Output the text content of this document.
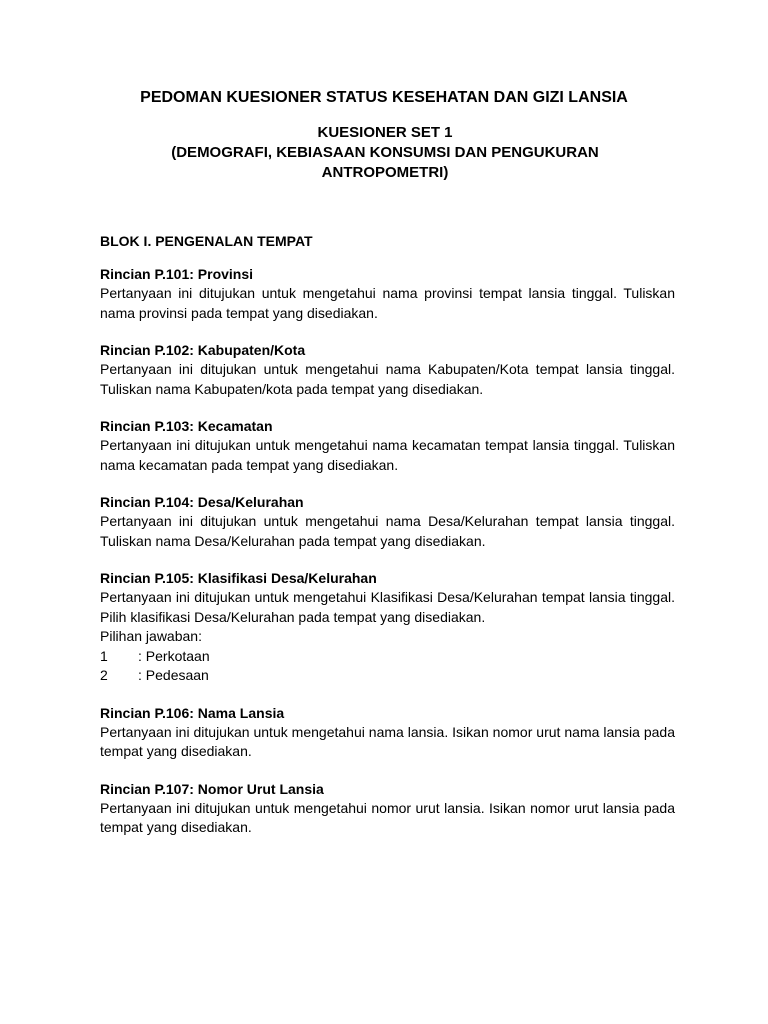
PEDOMAN KUESIONER STATUS KESEHATAN DAN GIZI LANSIA
KUESIONER SET 1
(DEMOGRAFI, KEBIASAAN KONSUMSI DAN PENGUKURAN
ANTROPOMETRI)
BLOK I. PENGENALAN TEMPAT
Rincian P.101: Provinsi

Pertanyaan ini ditujukan untuk mengetahui nama provinsi tempat lansia tinggal. Tuliskan nama provinsi pada tempat yang disediakan.

Rincian P.102: Kabupaten/Kota

Pertanyaan ini ditujukan untuk mengetahui nama Kabupaten/Kota tempat lansia tinggal. Tuliskan nama Kabupaten/kota pada tempat yang disediakan.

Rincian P.103: Kecamatan

Pertanyaan ini ditujukan untuk mengetahui nama kecamatan tempat lansia tinggal. Tuliskan nama kecamatan pada tempat yang disediakan.

Rincian P.104: Desa/Kelurahan

Pertanyaan ini ditujukan untuk mengetahui nama Desa/Kelurahan tempat lansia tinggal. Tuliskan nama Desa/Kelurahan pada tempat yang disediakan.

Rincian P.105: Klasifikasi Desa/Kelurahan

Pertanyaan ini ditujukan untuk mengetahui Klasifikasi Desa/Kelurahan tempat lansia tinggal. Pilih klasifikasi Desa/Kelurahan pada tempat yang disediakan.

Pilihan jawaban:

1	: Perkotaan
2	: Pedesaan
Rincian P.106: Nama Lansia

Pertanyaan ini ditujukan untuk mengetahui nama lansia. Isikan nomor urut nama lansia pada tempat yang disediakan.

Rincian P.107: Nomor Urut Lansia

Pertanyaan ini ditujukan untuk mengetahui nomor urut lansia. Isikan nomor urut lansia pada tempat yang disediakan.
